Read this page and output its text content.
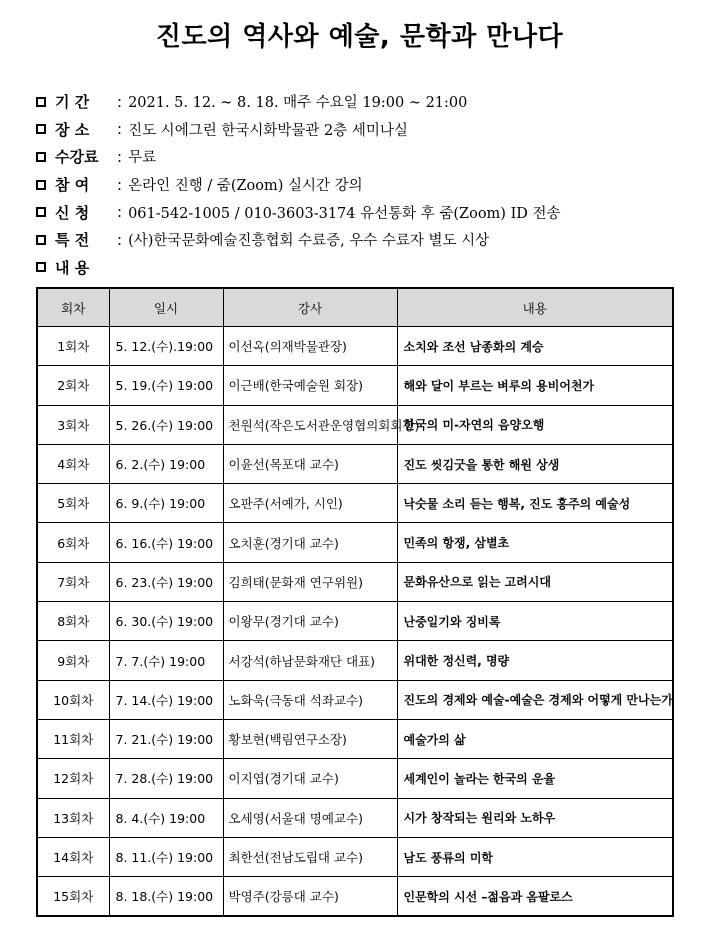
진도의 역사와 예술, 문학과 만나다
기 간	: 2021. 5. 12. ~ 8. 18. 매주 수요일 19:00 ~ 21:00
장 소	: 진도 시에그린 한국시화박물관 2층 세미나실
수강료	: 무료
참 여	: 온라인 진행 / 줌(Zoom) 실시간 강의
신 청	: 061-542-1005 / 010-3603-3174 유선통화 후 줌(Zoom) ID 전송
특 전	: (사)한국문화예술진흥협회 수료증, 우수 수료자 별도 시상
내 용
회차	일시	강사	내용
1회차	5. 12.(수).19:00	이선옥(의재박물관장)	소치와 조선 남종화의 계승
2회차	5. 19.(수) 19:00	이근배(한국예술원 회장)	해와 달이 부르는 벼루의 용비어천가
3회차	5. 26.(수) 19:00	천원석(작은도서관운영협의회회장)	한국의 미-자연의 음양오행
4회차	6. 2.(수) 19:00	이윤선(목포대 교수)	진도 씻김굿을 통한 해원 상생
5회차	6. 9.(수) 19:00	오판주(서예가, 시인)	낙숫물 소리 듣는 행복, 진도 홍주의 예술성
6회차	6. 16.(수) 19:00	오치훈(경기대 교수)	민족의 항쟁, 삼별초
7회차	6. 23.(수) 19:00	김희태(문화재 연구위원)	문화유산으로 읽는 고려시대
8회차	6. 30.(수) 19:00	이왕무(경기대 교수)	난중일기와 징비록
9회차	7. 7.(수) 19:00	서강석(하남문화재단 대표)	위대한 정신력, 명량
10회차	7. 14.(수) 19:00	노화욱(극동대 석좌교수)	진도의 경제와 예술-예술은 경제와 어떻게 만나는가
11회차	7. 21.(수) 19:00	황보현(백림연구소장)	예술가의 삶
12회차	7. 28.(수) 19:00	이지엽(경기대 교수)	세계인이 놀라는 한국의 운율
13회차	8. 4.(수) 19:00	오세영(서울대 명예교수)	시가 창작되는 원리와 노하우
14회차	8. 11.(수) 19:00	최한선(전남도립대 교수)	남도 풍류의 미학
15회차	8. 18.(수) 19:00	박영주(강릉대 교수)	인문학의 시선 –젊음과 옴팔로스
